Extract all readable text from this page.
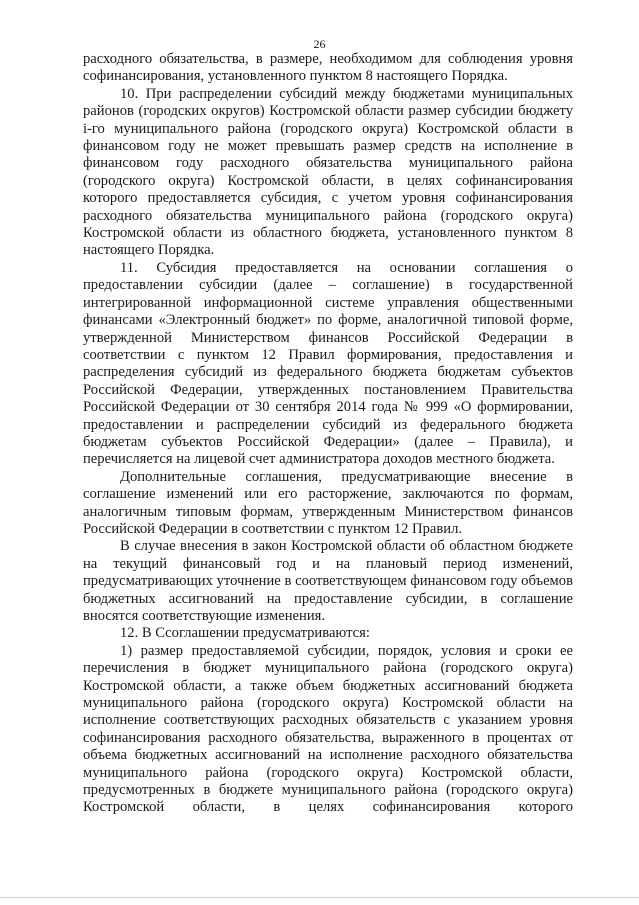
26

расходного обязательства, в размере, необходимом для соблюдения уровня софинансирования, установленного пунктом 8 настоящего Порядка.

10. При распределении субсидий между бюджетами муниципальных районов (городских округов) Костромской области размер субсидии бюджету i-го муниципального района (городского округа) Костромской области в финансовом году не может превышать размер средств на исполнение в финансовом году расходного обязательства муниципального района (городского округа) Костромской области, в целях софинансирования которого предоставляется субсидия, с учетом уровня софинансирования расходного обязательства муниципального района (городского округа) Костромской области из областного бюджета, установленного пунктом 8 настоящего Порядка.

11. Субсидия предоставляется на основании соглашения о предоставлении субсидии (далее – соглашение) в государственной интегрированной информационной системе управления общественными финансами «Электронный бюджет» по форме, аналогичной типовой форме, утвержденной Министерством финансов Российской Федерации в соответствии с пунктом 12 Правил формирования, предоставления и распределения субсидий из федерального бюджета бюджетам субъектов Российской Федерации, утвержденных постановлением Правительства Российской Федерации от 30 сентября 2014 года № 999 «О формировании, предоставлении и распределении субсидий из федерального бюджета бюджетам субъектов Российской Федерации» (далее – Правила), и перечисляется на лицевой счет администратора доходов местного бюджета.

Дополнительные соглашения, предусматривающие внесение в соглашение изменений или его расторжение, заключаются по формам, аналогичным типовым формам, утвержденным Министерством финансов Российской Федерации в соответствии с пунктом 12 Правил.

В случае внесения в закон Костромской области об областном бюджете на текущий финансовый год и на плановый период изменений, предусматривающих уточнение в соответствующем финансовом году объемов бюджетных ассигнований на предоставление субсидии, в соглашение вносятся соответствующие изменения.

12. В Ссоглашении предусматриваются:

1) размер предоставляемой субсидии, порядок, условия и сроки ее перечисления в бюджет муниципального района (городского округа) Костромской области, а также объем бюджетных ассигнований бюджета муниципального района (городского округа) Костромской области на исполнение соответствующих расходных обязательств с указанием уровня софинансирования расходного обязательства, выраженного в процентах от объема бюджетных ассигнований на исполнение расходного обязательства муниципального района (городского округа) Костромской области, предусмотренных в бюджете муниципального района (городского округа) Костромской области, в целях софинансирования которого
